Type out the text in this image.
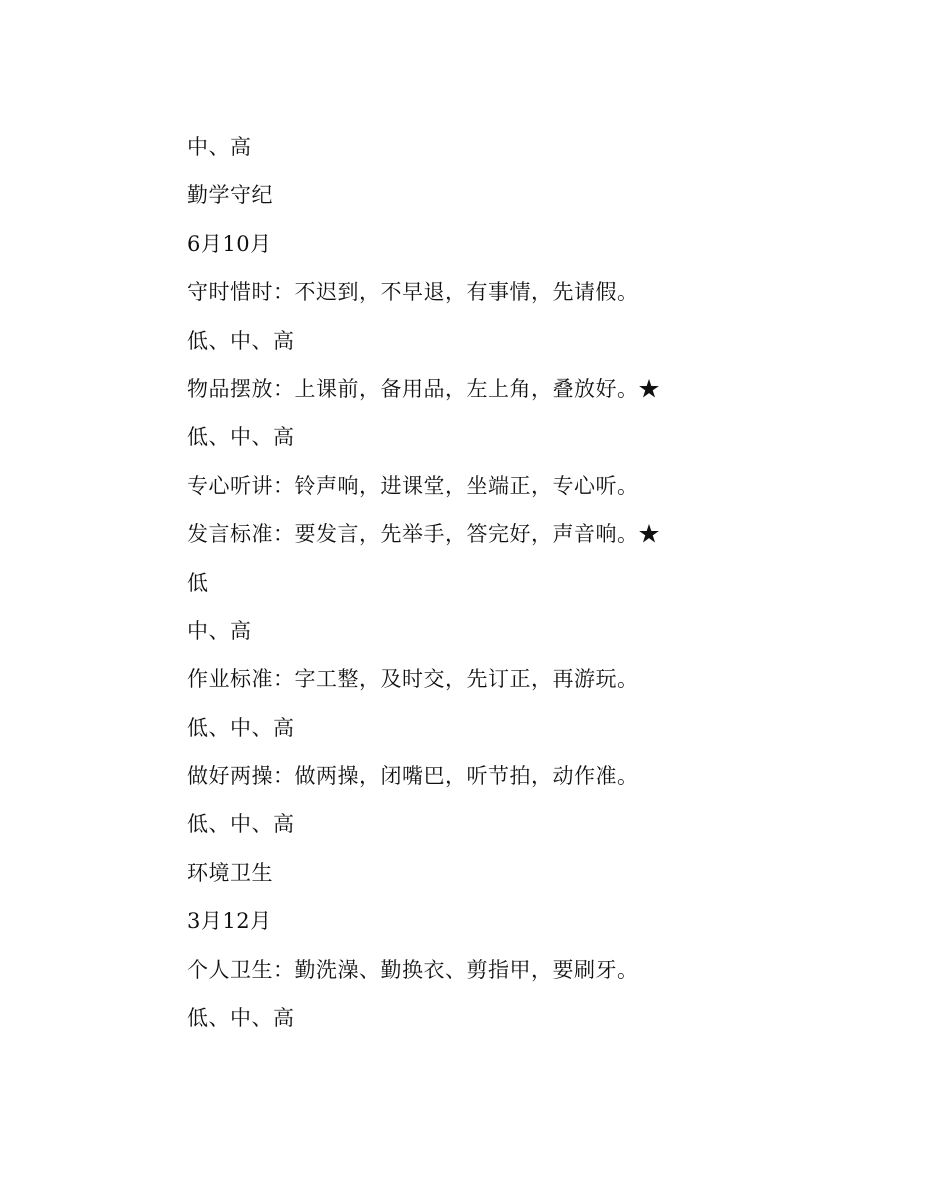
中、高
勤学守纪
6月10月
守时惜时：不迟到，不早退，有事情，先请假。
低、中、高
物品摆放：上课前，备用品，左上角，叠放好。★
低、中、高
专心听讲：铃声响，进课堂，坐端正，专心听。
发言标准：要发言，先举手，答完好，声音响。★
低
中、高
作业标准：字工整，及时交，先订正，再游玩。
低、中、高
做好两操：做两操，闭嘴巴，听节拍，动作准。
低、中、高
环境卫生
3月12月
个人卫生：勤洗澡、勤换衣、剪指甲，要刷牙。
低、中、高
